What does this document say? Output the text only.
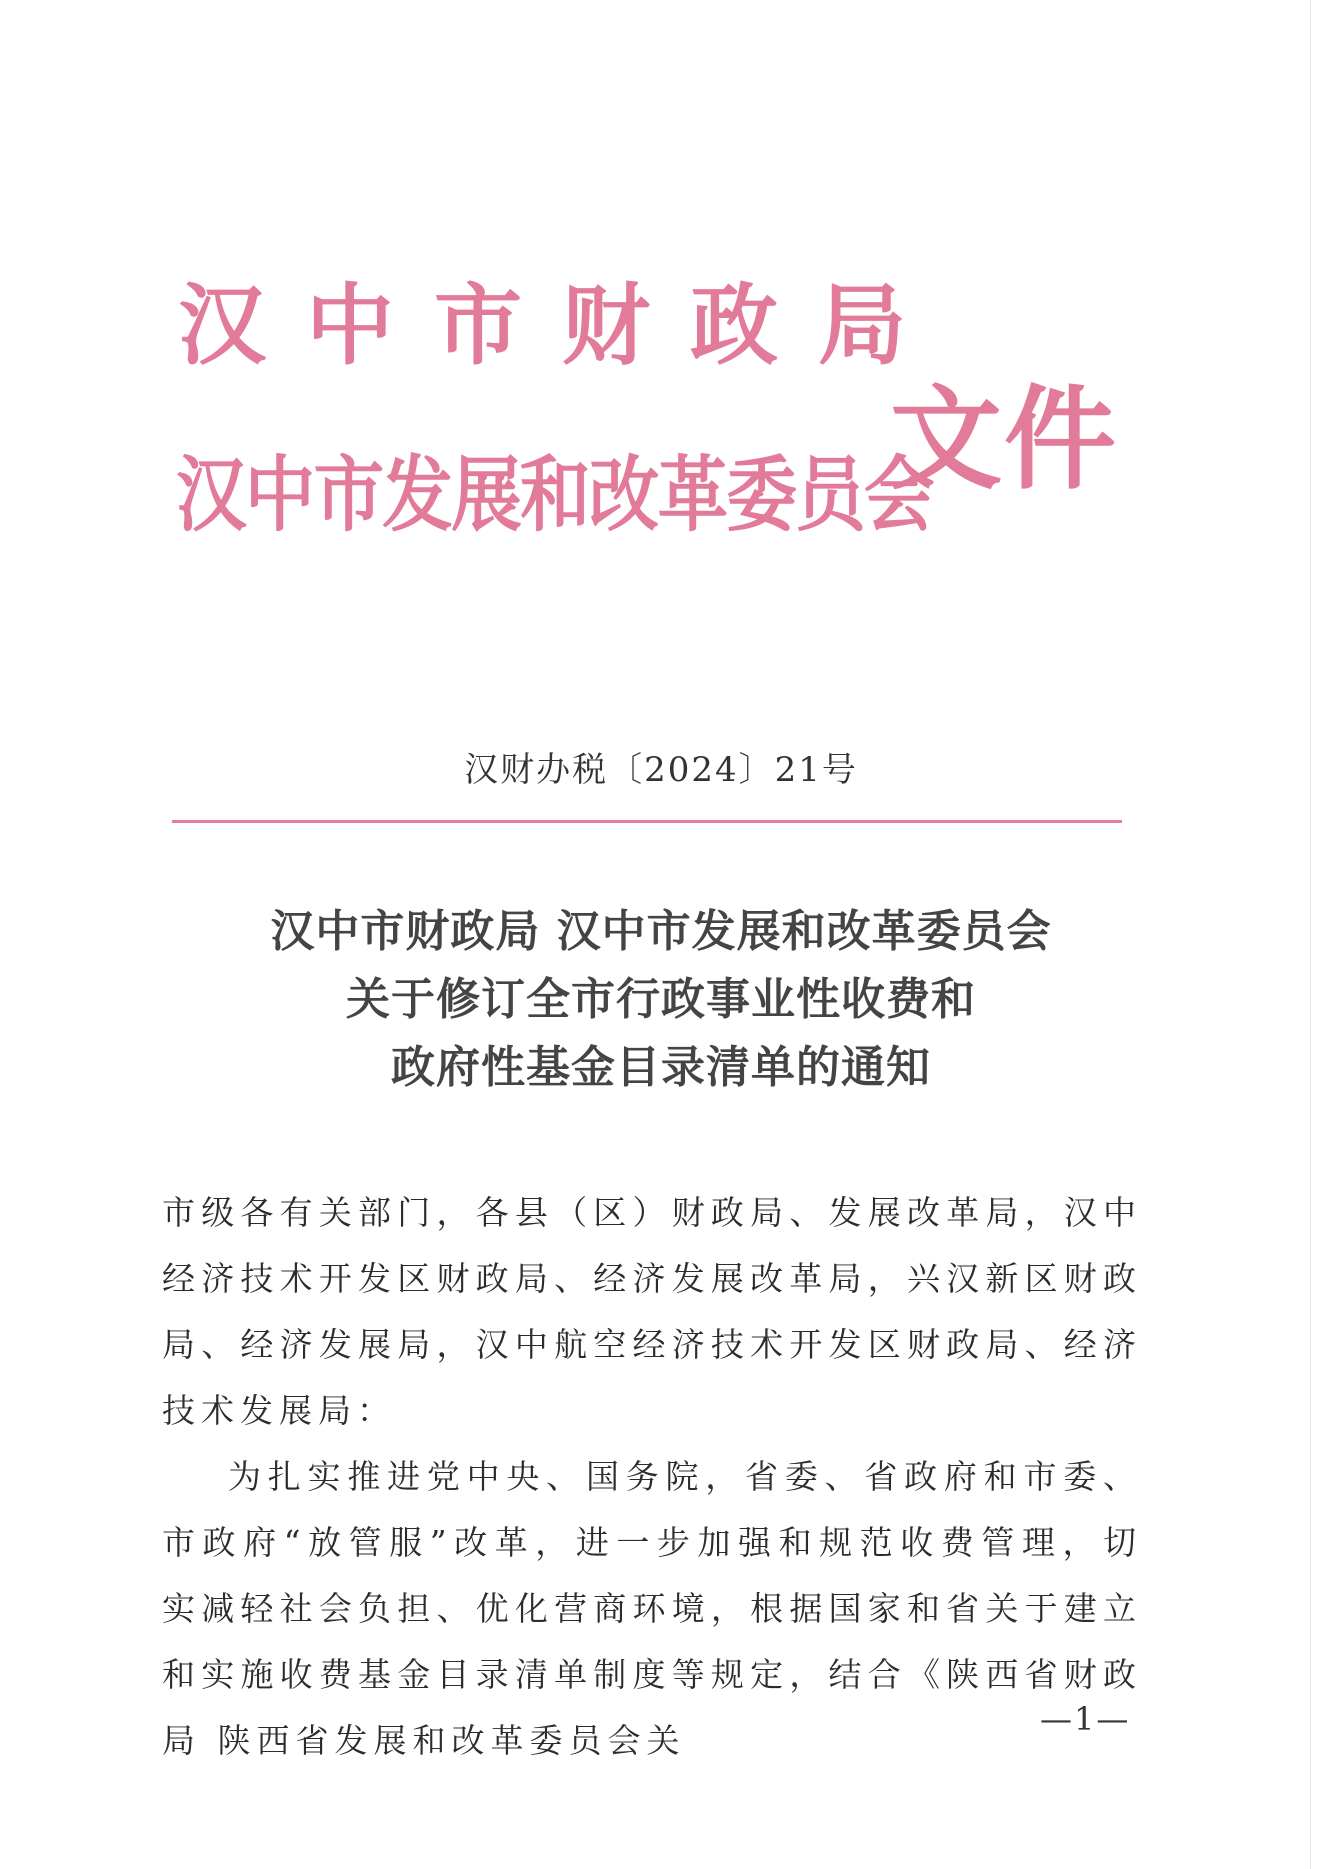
汉中市财政局

汉中市发展和改革委员会

文件

汉财办税〔2024〕21号

汉中市财政局 汉中市发展和改革委员会
关于修订全市行政事业性收费和
政府性基金目录清单的通知

市级各有关部门，各县（区）财政局、发展改革局，汉中经济技术开发区财政局、经济发展改革局，兴汉新区财政局、经济发展局，汉中航空经济技术开发区财政局、经济技术发展局：

为扎实推进党中央、国务院，省委、省政府和市委、市政府“放管服”改革，进一步加强和规范收费管理，切实减轻社会负担、优化营商环境，根据国家和省关于建立和实施收费基金目录清单制度等规定，结合《陕西省财政局 陕西省发展和改革委员会关

—1—
